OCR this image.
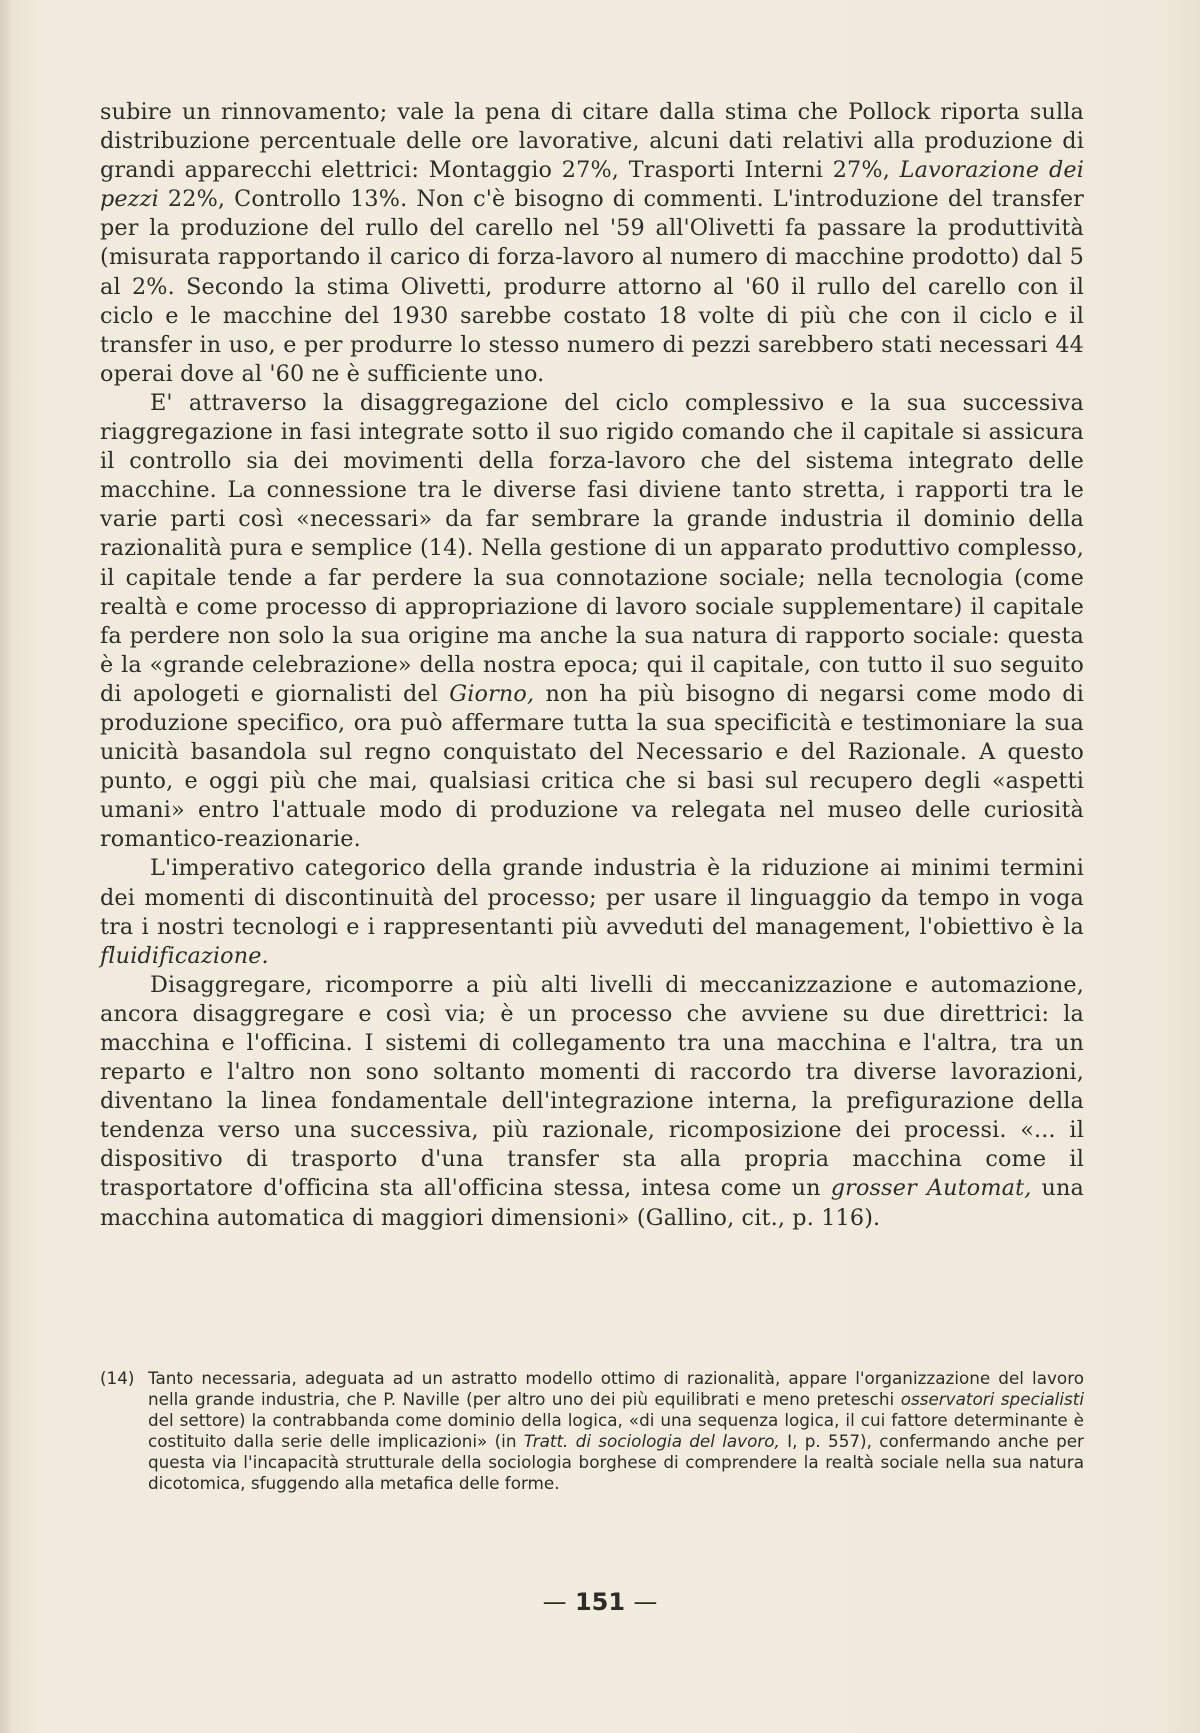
subire un rinnovamento; vale la pena di citare dalla stima che Pollock riporta sulla distribuzione percentuale delle ore lavorative, alcuni dati relativi alla produzione di grandi apparecchi elettrici: Montaggio 27%, Trasporti Interni 27%, Lavorazione dei pezzi 22%, Controllo 13%. Non c'è bisogno di commenti. L'introduzione del transfer per la produzione del rullo del carello nel '59 all'Olivetti fa passare la produttività (misurata rapportando il carico di forza-lavoro al numero di macchine prodotto) dal 5 al 2%. Secondo la stima Olivetti, produrre attorno al '60 il rullo del carello con il ciclo e le macchine del 1930 sarebbe costato 18 volte di più che con il ciclo e il transfer in uso, e per produrre lo stesso numero di pezzi sarebbero stati necessari 44 operai dove al '60 ne è sufficiente uno.

E' attraverso la disaggregazione del ciclo complessivo e la sua successiva riaggregazione in fasi integrate sotto il suo rigido comando che il capitale si assicura il controllo sia dei movimenti della forza-lavoro che del sistema integrato delle macchine. La connessione tra le diverse fasi diviene tanto stretta, i rapporti tra le varie parti così «necessari» da far sembrare la grande industria il dominio della razionalità pura e semplice (14). Nella gestione di un apparato produttivo complesso, il capitale tende a far perdere la sua connotazione sociale; nella tecnologia (come realtà e come processo di appropriazione di lavoro sociale supplementare) il capitale fa perdere non solo la sua origine ma anche la sua natura di rapporto sociale: questa è la «grande celebrazione» della nostra epoca; qui il capitale, con tutto il suo seguito di apologeti e giornalisti del Giorno, non ha più bisogno di negarsi come modo di produzione specifico, ora può affermare tutta la sua specificità e testimoniare la sua unicità basandola sul regno conquistato del Necessario e del Razionale. A questo punto, e oggi più che mai, qualsiasi critica che si basi sul recupero degli «aspetti umani» entro l'attuale modo di produzione va relegata nel museo delle curiosità romantico-reazionarie.

L'imperativo categorico della grande industria è la riduzione ai minimi termini dei momenti di discontinuità del processo; per usare il linguaggio da tempo in voga tra i nostri tecnologi e i rappresentanti più avveduti del management, l'obiettivo è la fluidificazione.

Disaggregare, ricomporre a più alti livelli di meccanizzazione e automazione, ancora disaggregare e così via; è un processo che avviene su due direttrici: la macchina e l'officina. I sistemi di collegamento tra una macchina e l'altra, tra un reparto e l'altro non sono soltanto momenti di raccordo tra diverse lavorazioni, diventano la linea fondamentale dell'integrazione interna, la prefigurazione della tendenza verso una successiva, più razionale, ricomposizione dei processi. «... il dispositivo di trasporto d'una transfer sta alla propria macchina come il trasportatore d'officina sta all'officina stessa, intesa come un grosser Automat, una macchina automatica di maggiori dimensioni» (Gallino, cit., p. 116).

(14) Tanto necessaria, adeguata ad un astratto modello ottimo di razionalità, appare l'organizzazione del lavoro nella grande industria, che P. Naville (per altro uno dei più equilibrati e meno preteschi osservatori specialisti del settore) la contrabbanda come dominio della logica, «di una sequenza logica, il cui fattore determinante è costituito dalla serie delle implicazioni» (in Tratt. di sociologia del lavoro, I, p. 557), confermando anche per questa via l'incapacità strutturale della sociologia borghese di comprendere la realtà sociale nella sua natura dicotomica, sfuggendo alla metafica delle forme.

— 151 —
